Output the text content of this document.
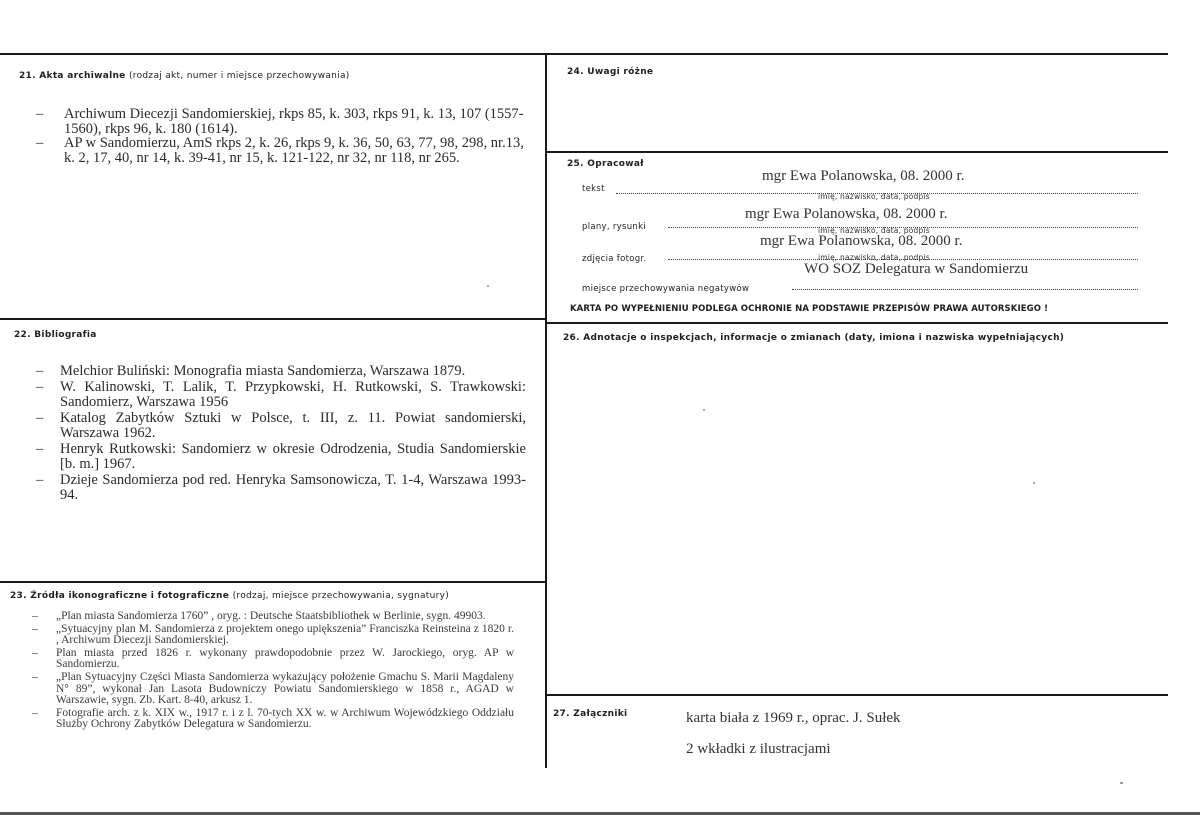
21. Akta archiwalne (rodzaj akt, numer i miejsce przechowywania)
– Archiwum Diecezji Sandomierskiej, rkps 85, k. 303, rkps 91, k. 13, 107 (1557-1560), rkps 96, k. 180 (1614).
– AP w Sandomierzu, AmS rkps 2, k. 26, rkps 9, k. 36, 50, 63, 77, 98, 298, nr.13, k. 2, 17, 40, nr 14, k. 39-41, nr 15, k. 121-122, nr 32, nr 118, nr 265.
22. Bibliografia
– Melchior Buliński: Monografia miasta Sandomierza, Warszawa 1879.
– W. Kalinowski, T. Lalik, T. Przypkowski, H. Rutkowski, S. Trawkowski: Sandomierz, Warszawa 1956
– Katalog Zabytków Sztuki w Polsce, t. III, z. 11. Powiat sandomierski, Warszawa 1962.
– Henryk Rutkowski: Sandomierz w okresie Odrodzenia, Studia Sandomierskie [b. m.] 1967.
– Dzieje Sandomierza pod red. Henryka Samsonowicza, T. 1-4, Warszawa 1993-94.
23. Źródła ikonograficzne i fotograficzne (rodzaj, miejsce przechowywania, sygnatury)
– „Plan miasta Sandomierza 1760” , oryg. : Deutsche Staatsbibliothek w Berlinie, sygn. 49903.
– „Sytuacyjny plan M. Sandomierza z projektem onego upiększenia” Franciszka Reinsteina z 1820 r. , Archiwum Diecezji Sandomierskiej.
– Plan miasta przed 1826 r. wykonany prawdopodobnie przez W. Jarockiego, oryg. AP w Sandomierzu.
– „Plan Sytuacyjny Części Miasta Sandomierza wykazujący położenie Gmachu S. Marii Magdaleny N° 89”, wykonał Jan Lasota Budowniczy Powiatu Sandomierskiego w 1858 r., AGAD w Warszawie, sygn. Zb. Kart. 8-40, arkusz 1.
– Fotografie arch. z k. XIX w., 1917 r. i z l. 70-tych XX w. w Archiwum Wojewódzkiego Oddziału Służby Ochrony Zabytków Delegatura w Sandomierzu.
24. Uwagi różne
25. Opracował
tekst
mgr Ewa Polanowska, 08. 2000 r.
imię, nazwisko, data, podpis
plany, rysunki
mgr Ewa Polanowska, 08. 2000 r.
imię, nazwisko, data, podpis
zdjęcia fotogr.
mgr Ewa Polanowska, 08. 2000 r.
imię, nazwisko, data, podpis
miejsce przechowywania negatywów
WO SOZ Delegatura w Sandomierzu
KARTA PO WYPEŁNIENIU PODLEGA OCHRONIE NA PODSTAWIE PRZEPISÓW PRAWA AUTORSKIEGO !
26. Adnotacje o inspekcjach, informacje o zmianach (daty, imiona i nazwiska wypełniających)
27. Załączniki	karta biała z 1969 r., oprac. J. Sułek
2 wkładki z ilustracjami
